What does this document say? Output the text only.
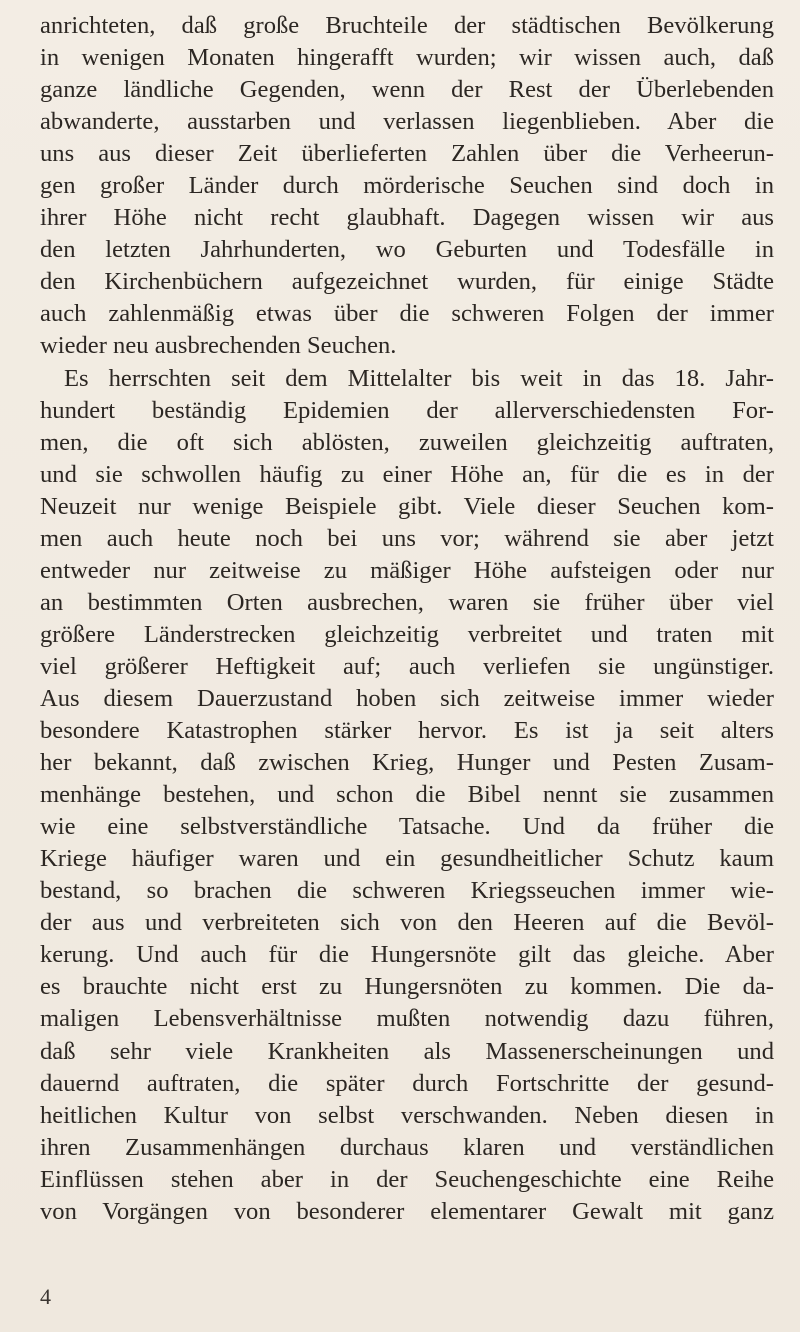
anrichteten, daß große Bruchteile der städtischen Bevölkerung
in wenigen Monaten hingerafft wurden; wir wissen auch, daß
ganze ländliche Gegenden, wenn der Rest der Überlebenden
abwanderte, ausstarben und verlassen liegenblieben. Aber die
uns aus dieser Zeit überlieferten Zahlen über die Verheerun-
gen großer Länder durch mörderische Seuchen sind doch in
ihrer Höhe nicht recht glaubhaft. Dagegen wissen wir aus
den letzten Jahrhunderten, wo Geburten und Todesfälle in
den Kirchenbüchern aufgezeichnet wurden, für einige Städte
auch zahlenmäßig etwas über die schweren Folgen der immer
wieder neu ausbrechenden Seuchen.
Es herrschten seit dem Mittelalter bis weit in das 18. Jahr-
hundert beständig Epidemien der allerverschiedensten For-
men, die oft sich ablösten, zuweilen gleichzeitig auftraten,
und sie schwollen häufig zu einer Höhe an, für die es in der
Neuzeit nur wenige Beispiele gibt. Viele dieser Seuchen kom-
men auch heute noch bei uns vor; während sie aber jetzt
entweder nur zeitweise zu mäßiger Höhe aufsteigen oder nur
an bestimmten Orten ausbrechen, waren sie früher über viel
größere Länderstrecken gleichzeitig verbreitet und traten mit
viel größerer Heftigkeit auf; auch verliefen sie ungünstiger.
Aus diesem Dauerzustand hoben sich zeitweise immer wieder
besondere Katastrophen stärker hervor. Es ist ja seit alters
her bekannt, daß zwischen Krieg, Hunger und Pesten Zusam-
menhänge bestehen, und schon die Bibel nennt sie zusammen
wie eine selbstverständliche Tatsache. Und da früher die
Kriege häufiger waren und ein gesundheitlicher Schutz kaum
bestand, so brachen die schweren Kriegsseuchen immer wie-
der aus und verbreiteten sich von den Heeren auf die Bevöl-
kerung. Und auch für die Hungersnöte gilt das gleiche. Aber
es brauchte nicht erst zu Hungersnöten zu kommen. Die da-
maligen Lebensverhältnisse mußten notwendig dazu führen,
daß sehr viele Krankheiten als Massenerscheinungen und
dauernd auftraten, die später durch Fortschritte der gesund-
heitlichen Kultur von selbst verschwanden. Neben diesen in
ihren Zusammenhängen durchaus klaren und verständlichen
Einflüssen stehen aber in der Seuchengeschichte eine Reihe
von Vorgängen von besonderer elementarer Gewalt mit ganz
4
